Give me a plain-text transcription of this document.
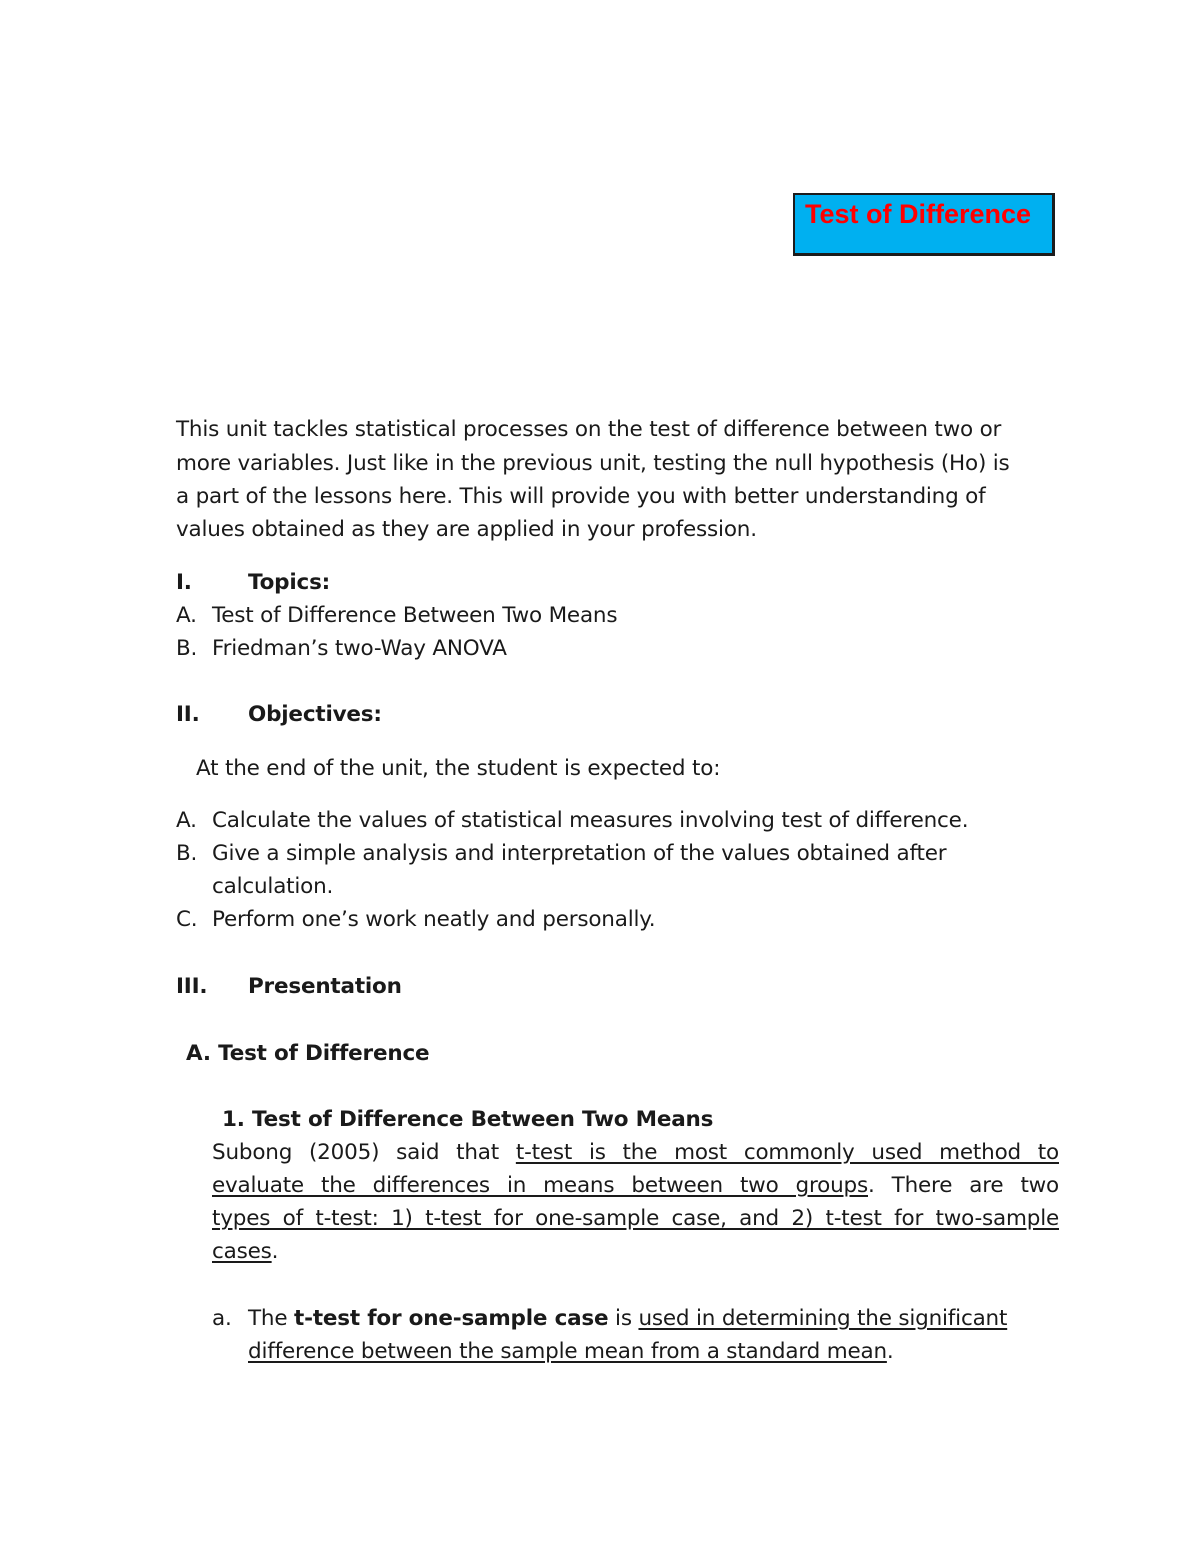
Test of Difference
This unit tackles statistical processes on the test of difference between two or
more variables. Just like in the previous unit, testing the null hypothesis (Ho) is
a part of the lessons here. This will provide you with better understanding of
values obtained as they are applied in your profession.
I.	Topics:
A. Test of Difference Between Two Means
B. Friedman’s two-Way ANOVA
II. Objectives:
At the end of the unit, the student is expected to:
A. Calculate the values of statistical measures involving test of difference.
B. Give a simple analysis and interpretation of the values obtained after
calculation.
C. Perform one’s work neatly and personally.
III. Presentation
A. Test of Difference
1. Test of Difference Between Two Means
Subong (2005) said that t-test is the most commonly used method to
evaluate the differences in means between two groups. There are two
types of t-test: 1) t-test for one-sample case, and 2) t-test for two-sample
cases.
a. The t-test for one-sample case is used in determining the significant
difference between the sample mean from a standard mean.
